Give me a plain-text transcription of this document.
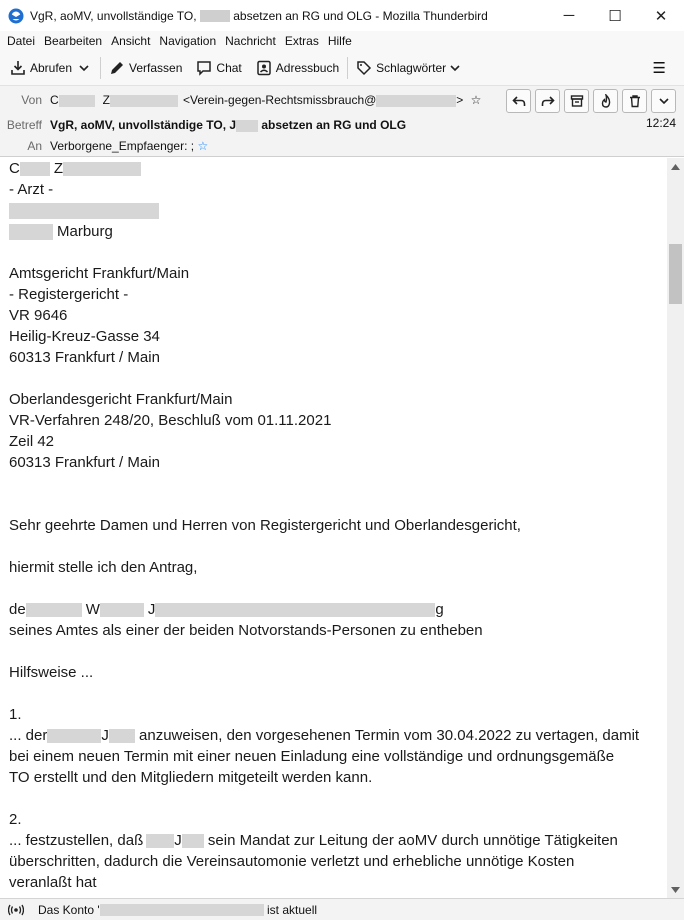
VgR, aoMV, unvollständige TO,	absetzen an RG und OLG - Mozilla Thunderbird	─ ☐ ✕
Datei Bearbeiten Ansicht Navigation Nachricht Extras Hilfe
Abrufen	Verfassen	Chat	Adressbuch	Schlagwörter	☰
Von C	Z	<Verein-gegen-Rechtsmissbrauch@	> ☆
Betreff VgR, aoMV, unvollständige TO, J absetzen an RG und OLG	12:24
An Verborgene_Empfaenger: ; ☆
C Z
- Arzt -
Marburg
Amtsgericht Frankfurt/Main
- Registergericht -
VR 9646
Heilig-Kreuz-Gasse 34
60313 Frankfurt / Main
Oberlandesgericht Frankfurt/Main
VR-Verfahren 248/20, Beschluß vom 01.11.2021
Zeil 42
60313 Frankfurt / Main
Sehr geehrte Damen und Herren von Registergericht und Oberlandesgericht,
hiermit stelle ich den Antrag,
de	W	J	g
seines Amtes als einer der beiden Notvorstands-Personen zu entheben
Hilfsweise ...
1.
... der	J anzuweisen, den vorgesehenen Termin vom 30.04.2022 zu vertagen, damit
bei einem neuen Termin mit einer neuen Einladung eine vollständige und ordnungsgemäße
TO erstellt und den Mitgliedern mitgeteilt werden kann.
2.
... festzustellen, daß J sein Mandat zur Leitung der aoMV durch unnötige Tätigkeiten
überschritten, dadurch die Vereinsautomonie verletzt und erhebliche unnötige Kosten
veranlaßt hat
Das Konto '	ist aktuell
